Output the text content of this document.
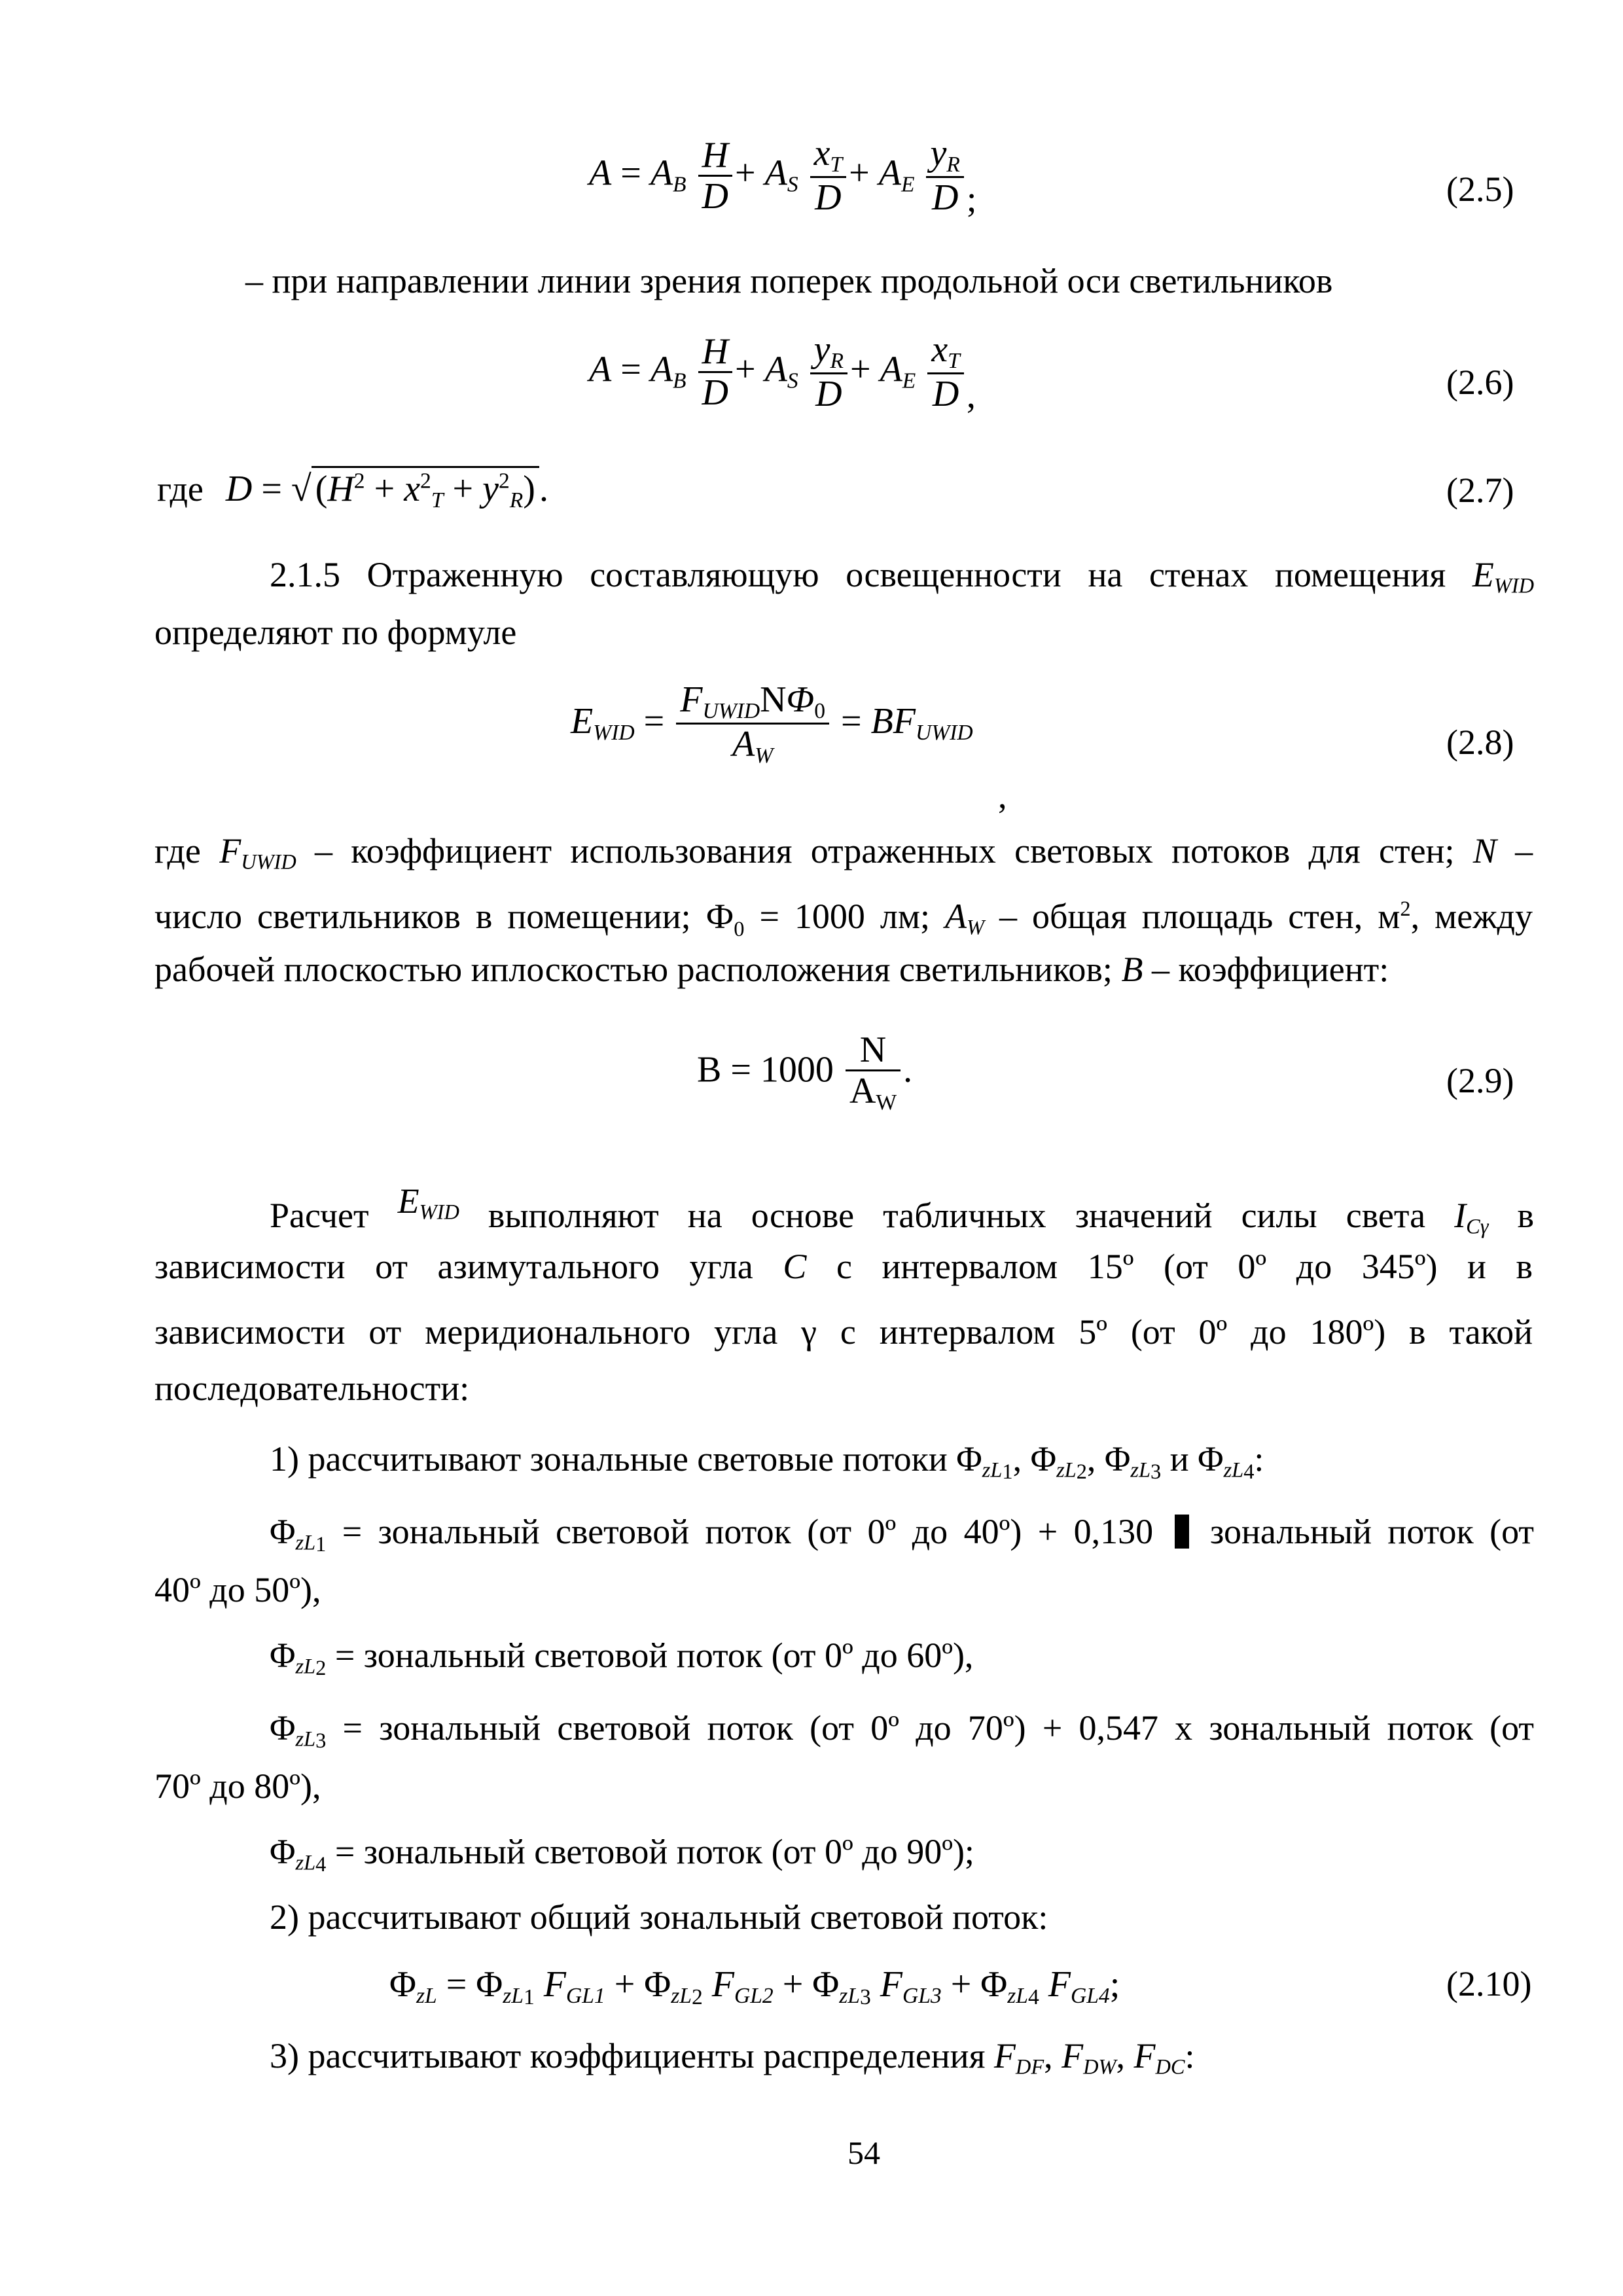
$A = A_B \frac{H}{D} + A_S \frac{x_T}{D} + A_E \frac{y_R}{D}$ ;	(2.5)
– при направлении линии зрения поперек продольной оси светильников
$A = A_B \frac{H}{D} + A_S \frac{y_R}{D} + A_E \frac{x_T}{D}$ ,	(2.6)
где D = √ $(H^2 + x^2_T + y^2_R)$ .	(2.7)
2.1.5 Отраженную составляющую освещенности на стенах помещения $E_{WID}$
определяют по формуле
$E_{WID} = \frac{F_{UWID}N\Phi_0}{A_W} = BF_{UWID}$
,
(2.8)
где $F_{UWID}$ – коэффициент использования отраженных световых потоков для стен; N –
число светильников в помещении; $Ф_0 = 1000$ лм; $A_W$ – общая площадь стен, $м^2$, между
рабочей плоскостью иплоскостью расположения светильников; B – коэффициент:
$B = 1000 \frac{N}{AW}$ .	(2.9)
Расчет $E_{WID}$ выполняют на основе табличных значений силы света $I_{C\gamma}$ в
зависимости от азимутального угла C с интервалом 15º (от 0º до 345º) и в
зависимости от меридионального угла γ с интервалом 5º (от 0º до 180º) в такой
последовательности:
1) рассчитывают зональные световые потоки $\Phi_{zL1}$, $\Phi_{zL2}$, $\Phi_{zL3}$ и $\Phi_{zL4}$:
$\Phi_{zL1}$ = зональный световой поток (от 0º до 40º) + 0,130 зональный поток (от
40º до 50º),
$\Phi_{zL2}$ = зональный световой поток (от 0º до 60º),
$\Phi_{zL3}$ = зональный световой поток (от 0º до 70º) + 0,547 х зональный поток (от
70º до 80º),
$\Phi_{zL4}$ = зональный световой поток (от 0º до 90º);
2) рассчитывают общий зональный световой поток:
$\Phi_{zL} = \Phi_{zL1}$ $F_{GL1} + \Phi_{zL2}$ $F_{GL2} + \Phi_{zL3}$ $F_{GL3} + \Phi_{zL4}$ $F_{GL4}$;	(2.10)
3) рассчитывают коэффициенты распределения $F_{DF}$, $F_{DW}$, $F_{DC}$:
54
